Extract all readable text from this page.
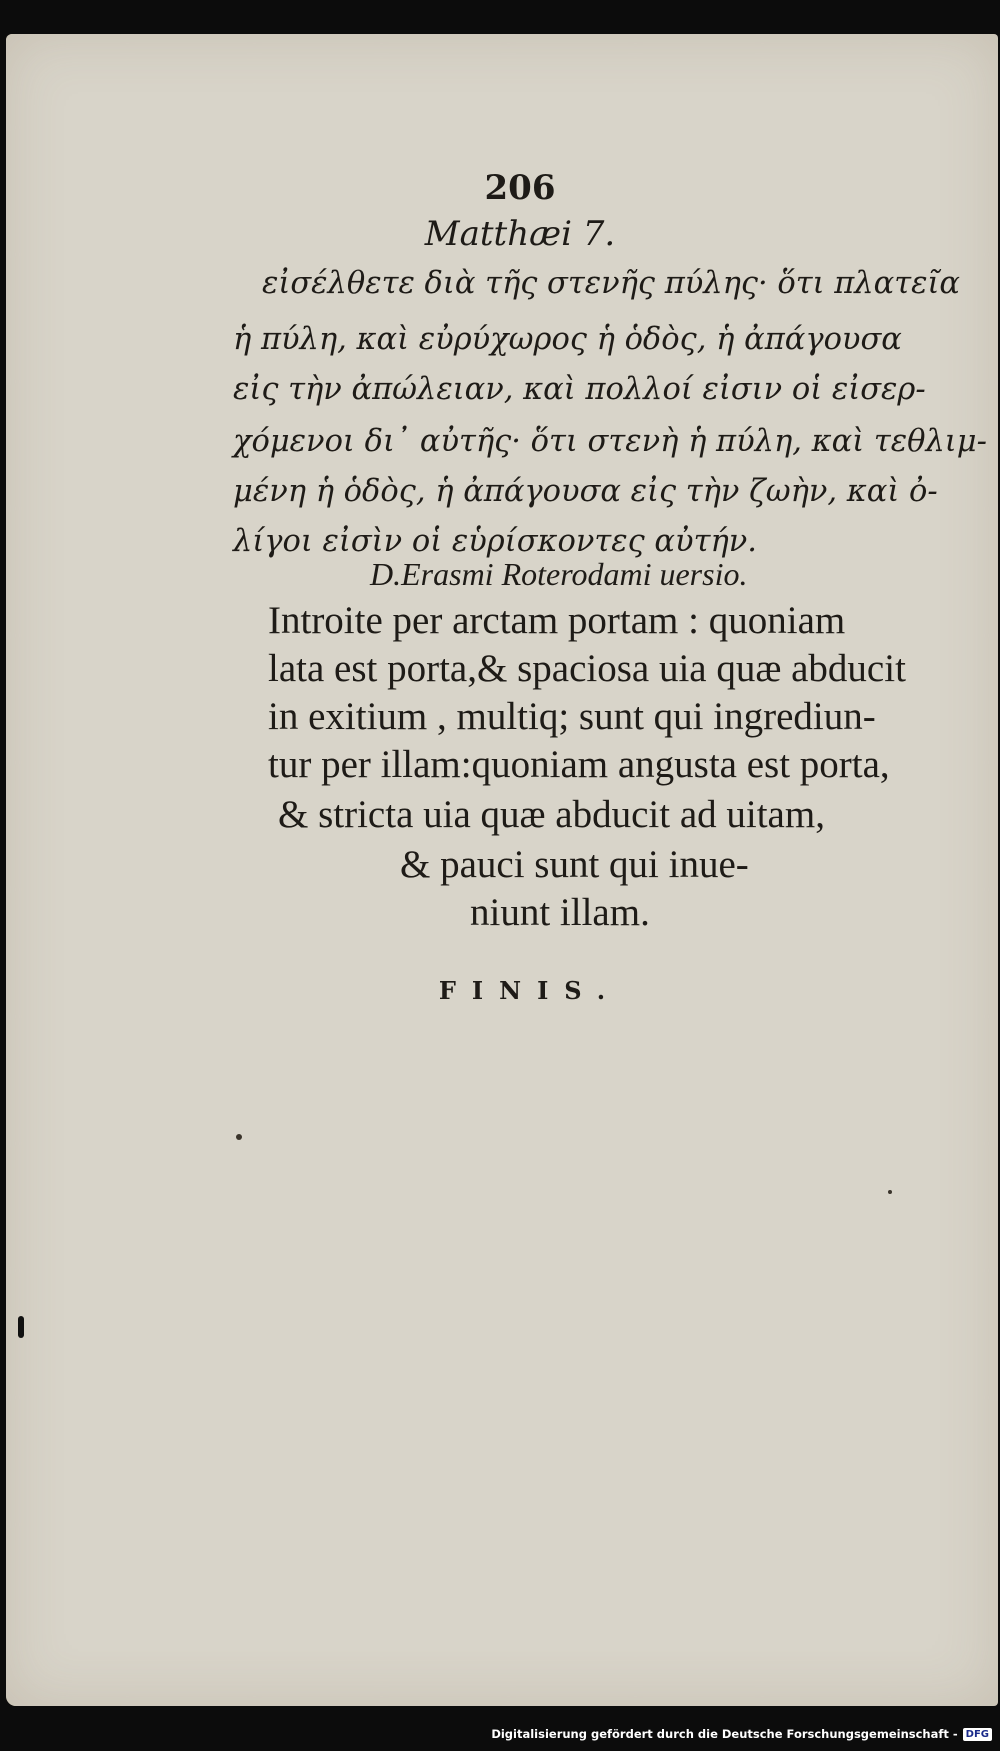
206
Matthæi 7.
εἰσέλθετε διὰ τῆς στενῆς πύλης· ὅτι πλατεῖα
ἡ πύλη, καὶ εὐρύχωρος ἡ ὁδὸς, ἡ ἀπάγουσα
εἰς τὴν ἀπώλειαν, καὶ πολλοί εἰσιν οἱ εἰσερ-
χόμενοι δι᾽ αὐτῆς· ὅτι στενὴ ἡ πύλη, καὶ τεθλιμ-
μένη ἡ ὁδὸς, ἡ ἀπάγουσα εἰς τὴν ζωὴν, καὶ ὀ-
λίγοι εἰσὶν οἱ εὑρίσκοντες αὐτήν.
D.Erasmi Roterodami uersio.
Introite per arctam portam : quoniam
lata est porta,& spaciosa uia quæ abducit
in exitium , multiq; sunt qui ingrediun-
tur per illam:quoniam angusta est porta,
& stricta uia quæ abducit ad uitam,
& pauci sunt qui inue-
niunt illam.
FINIS.
Digitalisierung gefördert durch die Deutsche Forschungsgemeinschaft - DFG
